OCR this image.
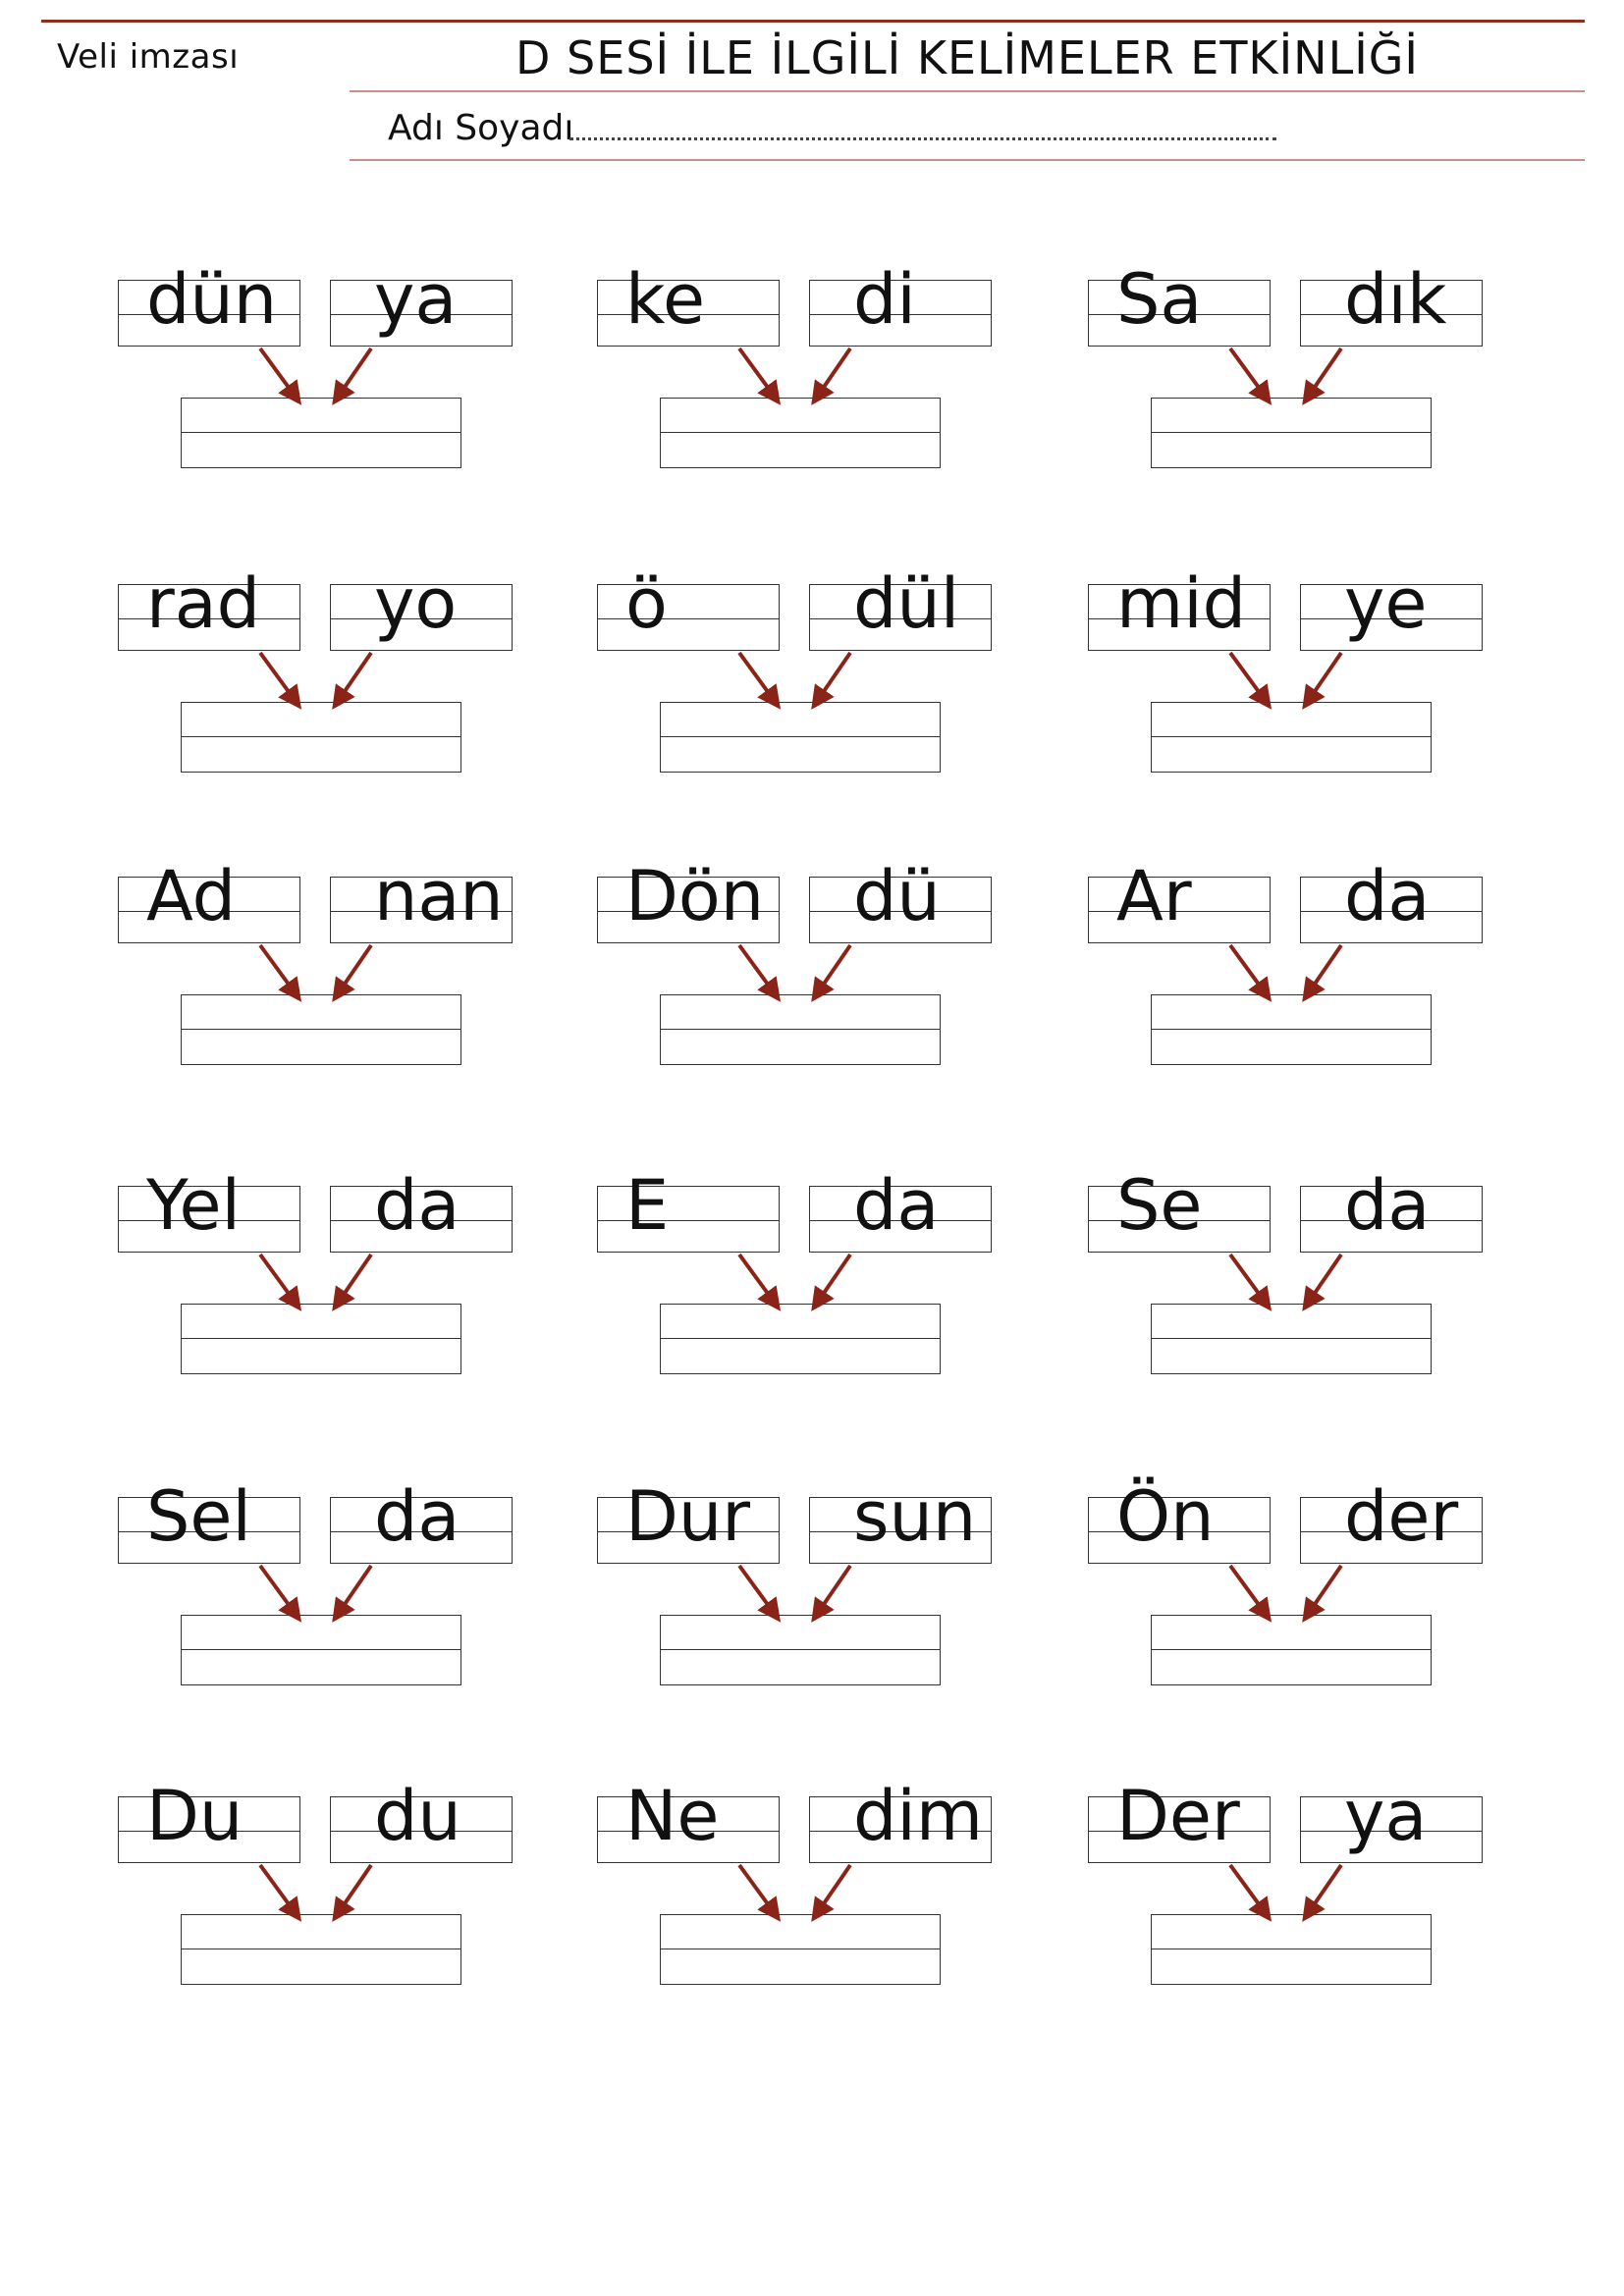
Veli imzası	D SESİ İLE İLGİLİ KELİMELER ETKİNLİĞİ
Adı Soyadı
dün ya ke di	Sa dık
rad yo ö	dül mid ye
Ad nan Dön dü	Ar da
Yel da E	da	Se da
Sel da Dur sun Ön der
Du du Ne dim Der ya
